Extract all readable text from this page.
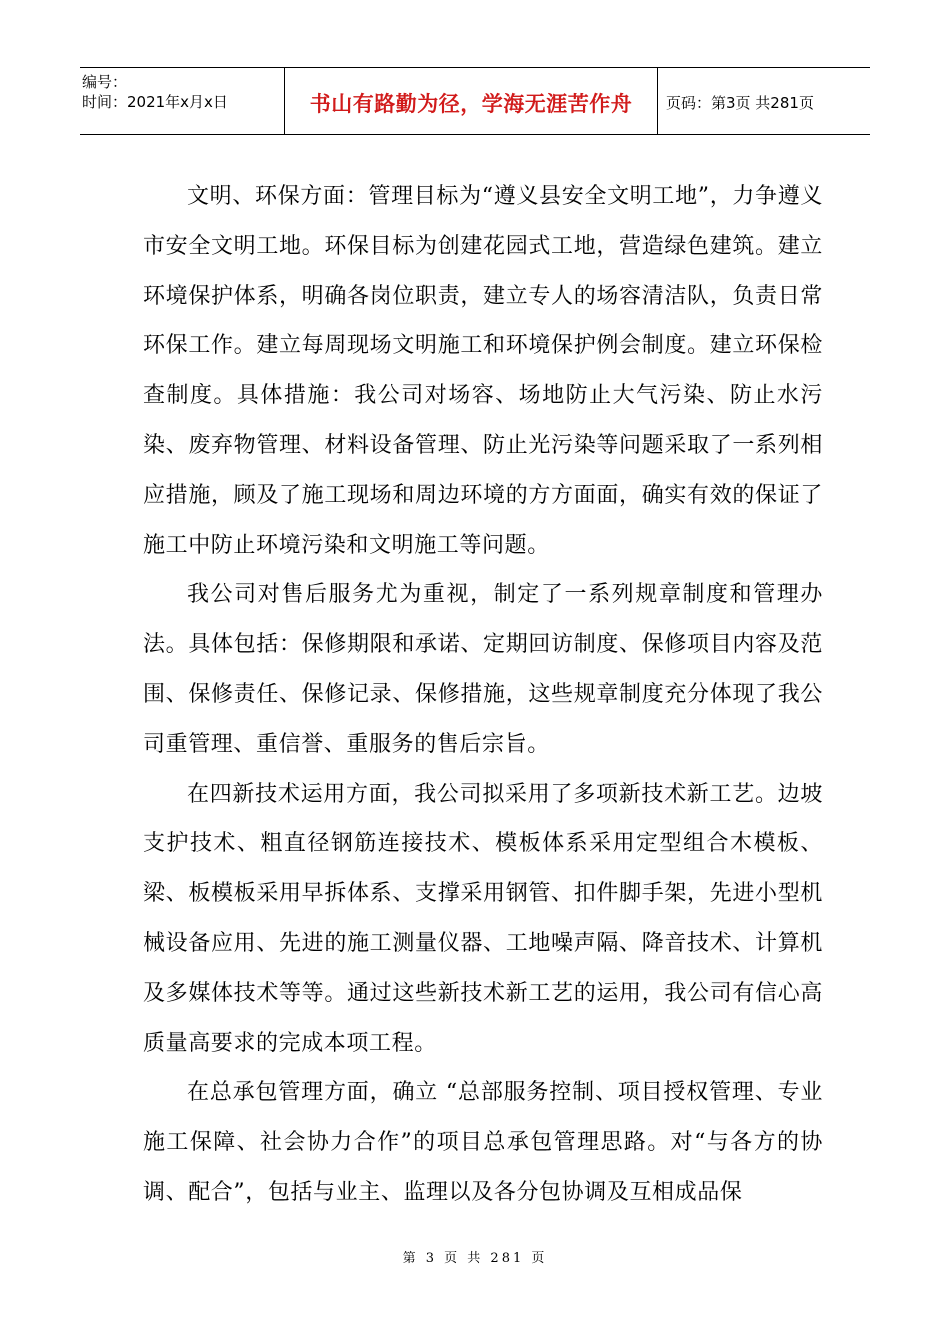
编号：
时间：2021年x月x日	书山有路勤为径，学海无涯苦作舟 页码：第3页 共281页

文明、环保方面：管理目标为“遵义县安全文明工地”，力争遵义市安全文明工地。环保目标为创建花园式工地，营造绿色建筑。建立环境保护体系，明确各岗位职责，建立专人的场容清洁队，负责日常环保工作。建立每周现场文明施工和环境保护例会制度。建立环保检查制度。具体措施：我公司对场容、场地防止大气污染、防止水污染、废弃物管理、材料设备管理、防止光污染等问题采取了一系列相应措施，顾及了施工现场和周边环境的方方面面，确实有效的保证了施工中防止环境污染和文明施工等问题。

我公司对售后服务尤为重视，制定了一系列规章制度和管理办法。具体包括：保修期限和承诺、定期回访制度、保修项目内容及范围、保修责任、保修记录、保修措施，这些规章制度充分体现了我公司重管理、重信誉、重服务的售后宗旨。

在四新技术运用方面，我公司拟采用了多项新技术新工艺。边坡支护技术、粗直径钢筋连接技术、模板体系采用定型组合木模板、梁、板模板采用早拆体系、支撑采用钢管、扣件脚手架，先进小型机械设备应用、先进的施工测量仪器、工地噪声隔、降音技术、计算机及多媒体技术等等。通过这些新技术新工艺的运用，我公司有信心高质量高要求的完成本项工程。

在总承包管理方面，确立 “总部服务控制、项目授权管理、专业施工保障、社会协力合作”的项目总承包管理思路。对“与各方的协调、配合”，包括与业主、监理以及各分包协调及互相成品保

第 3 页 共 281 页
